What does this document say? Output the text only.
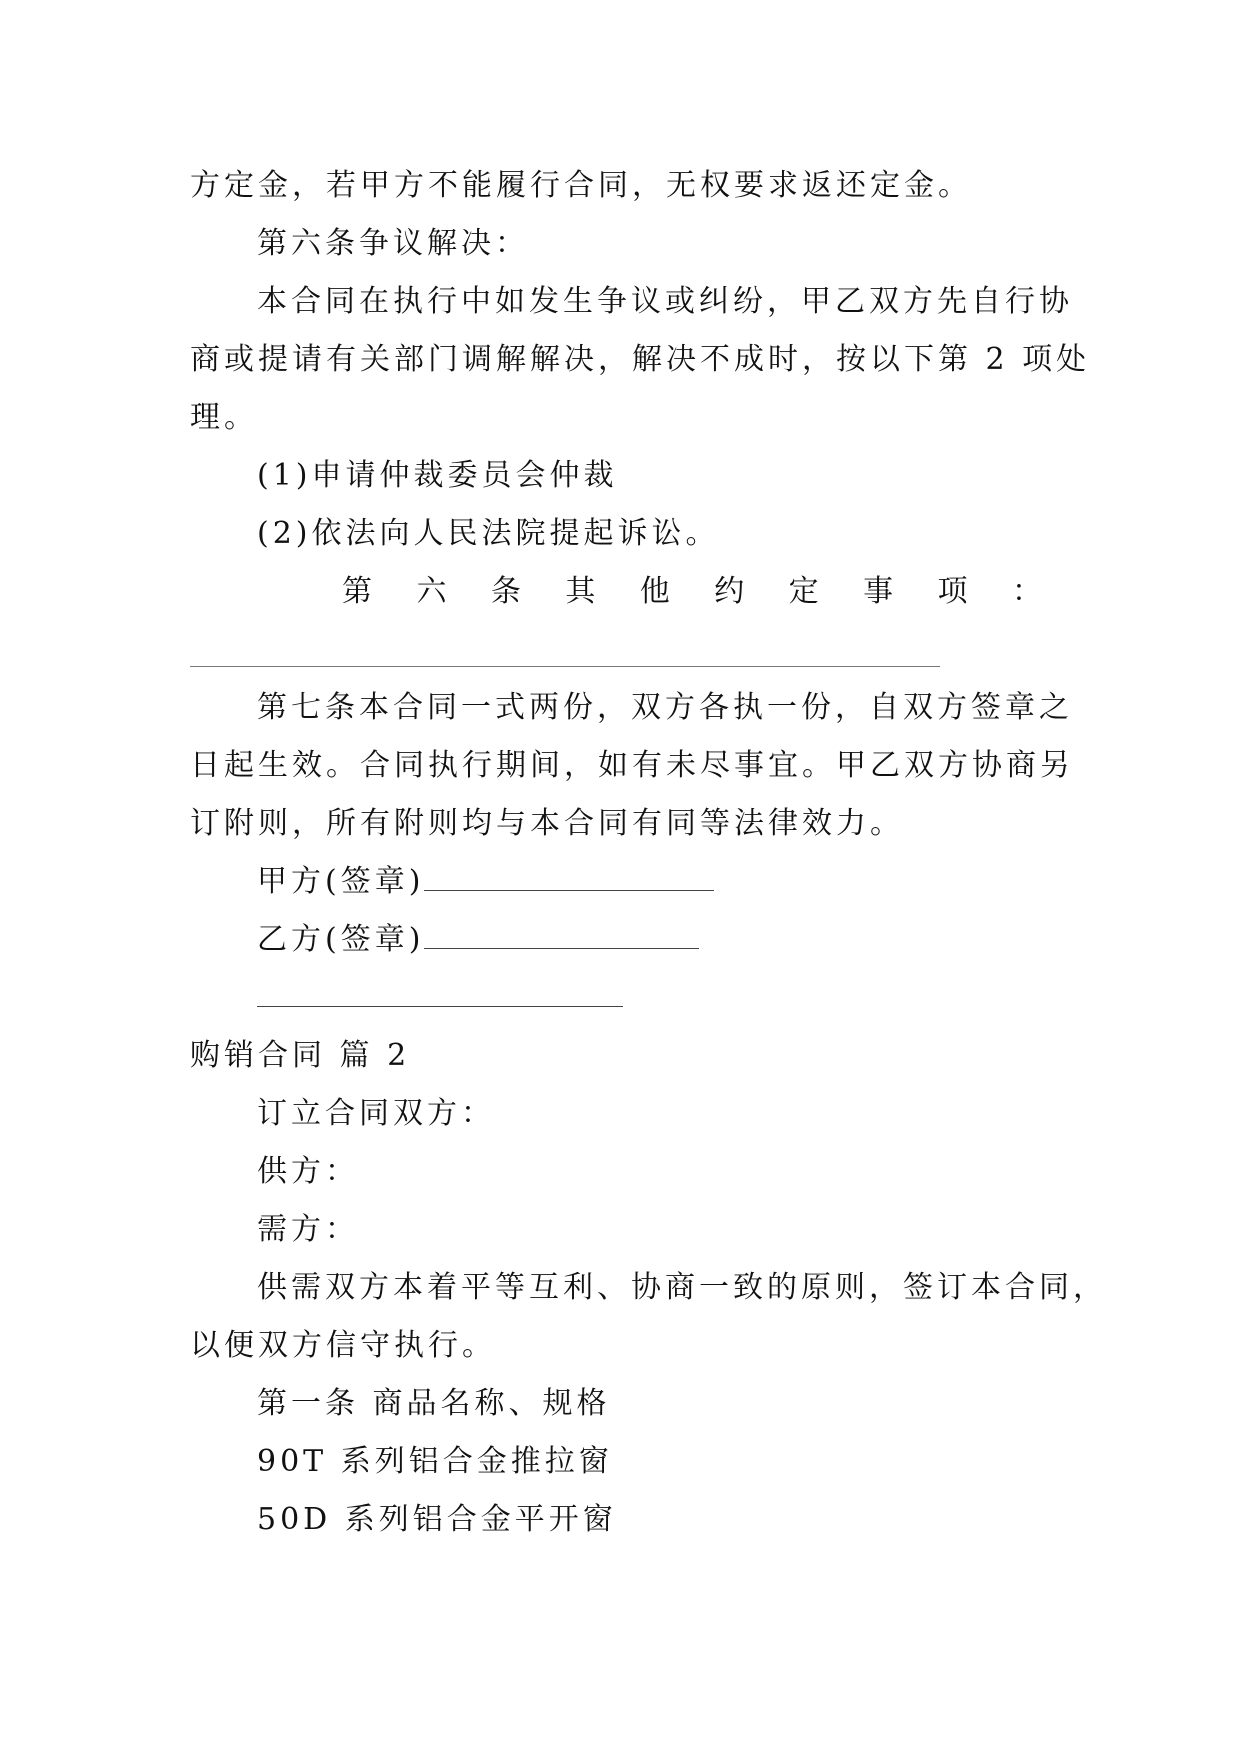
方定金，若甲方不能履行合同，无权要求返还定金。
第六条争议解决：
本合同在执行中如发生争议或纠纷，甲乙双方先自行协
商或提请有关部门调解解决，解决不成时，按以下第 2 项处
理。
(1)申请仲裁委员会仲裁
(2)依法向人民法院提起诉讼。
第 六 条 其 他 约 定 事 项 ：
第七条本合同一式两份，双方各执一份，自双方签章之
日起生效。合同执行期间，如有未尽事宜。甲乙双方协商另
订附则，所有附则均与本合同有同等法律效力。
甲方(签章)
乙方(签章)
购销合同 篇 2
订立合同双方：
供方：
需方：
供需双方本着平等互利、协商一致的原则，签订本合同，
以便双方信守执行。
第一条 商品名称、规格
90T 系列铝合金推拉窗
50D 系列铝合金平开窗
